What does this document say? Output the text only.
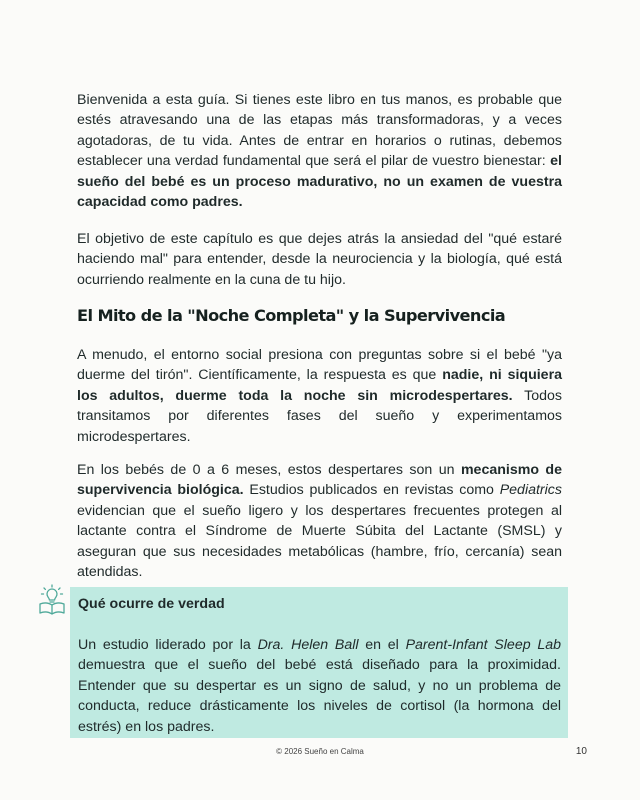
Bienvenida a esta guía. Si tienes este libro en tus manos, es probable que estés atravesando una de las etapas más transformadoras, y a veces agotadoras, de tu vida. Antes de entrar en horarios o rutinas, debemos establecer una verdad fundamental que será el pilar de vuestro bienestar: el sueño del bebé es un proceso madurativo, no un examen de vuestra capacidad como padres.

El objetivo de este capítulo es que dejes atrás la ansiedad del "qué estaré haciendo mal" para entender, desde la neurociencia y la biología, qué está ocurriendo realmente en la cuna de tu hijo.

El Mito de la "Noche Completa" y la Supervivencia

A menudo, el entorno social presiona con preguntas sobre si el bebé "ya duerme del tirón". Científicamente, la respuesta es que nadie, ni siquiera los adultos, duerme toda la noche sin microdespertares. Todos transitamos por diferentes fases del sueño y experimentamos microdespertares.

En los bebés de 0 a 6 meses, estos despertares son un mecanismo de supervivencia biológica. Estudios publicados en revistas como Pediatrics evidencian que el sueño ligero y los despertares frecuentes protegen al lactante contra el Síndrome de Muerte Súbita del Lactante (SMSL) y aseguran que sus necesidades metabólicas (hambre, frío, cercanía) sean atendidas.

Qué ocurre de verdad

Un estudio liderado por la Dra. Helen Ball en el Parent-Infant Sleep Lab demuestra que el sueño del bebé está diseñado para la proximidad. Entender que su despertar es un signo de salud, y no un problema de conducta, reduce drásticamente los niveles de cortisol (la hormona del estrés) en los padres.

© 2026 Sueño en Calma	10
